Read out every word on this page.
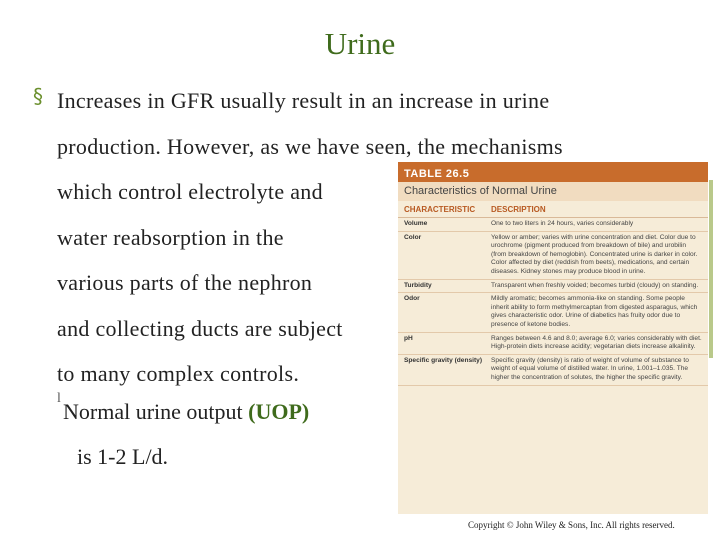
Urine
§ Increases in GFR usually result in an increase in urine
production. However, as we have seen, the mechanisms
which control electrolyte and
water reabsorption in the
various parts of the nephron
and collecting ducts are subject
to many complex controls.
l
Normal urine output (UOP)
is 1-2 L/d.
TABLE 26.5
Characteristics of Normal Urine
CHARACTERISTIC	DESCRIPTION
Volume	One to two liters in 24 hours, varies considerably
Color	Yellow or amber; varies with urine concentration and diet. Color due to urochrome (pigment produced from breakdown of bile) and urobilin (from breakdown of hemoglobin). Concentrated urine is darker in color. Color affected by diet (reddish from beets), medications, and certain diseases. Kidney stones may produce blood in urine.
Turbidity	Transparent when freshly voided; becomes turbid (cloudy) on standing.
Odor	Mildly aromatic; becomes ammonia-like on standing. Some people inherit ability to form methylmercaptan from digested asparagus, which gives characteristic odor. Urine of diabetics has fruity odor due to presence of ketone bodies.
pH	Ranges between 4.6 and 8.0; average 6.0; varies considerably with diet. High-protein diets increase acidity; vegetarian diets increase alkalinity.
Specific gravity (density)	Specific gravity (density) is ratio of weight of volume of substance to weight of equal volume of distilled water. In urine, 1.001–1.035. The higher the concentration of solutes, the higher the specific gravity.
Copyright © John Wiley & Sons, Inc. All rights reserved.
